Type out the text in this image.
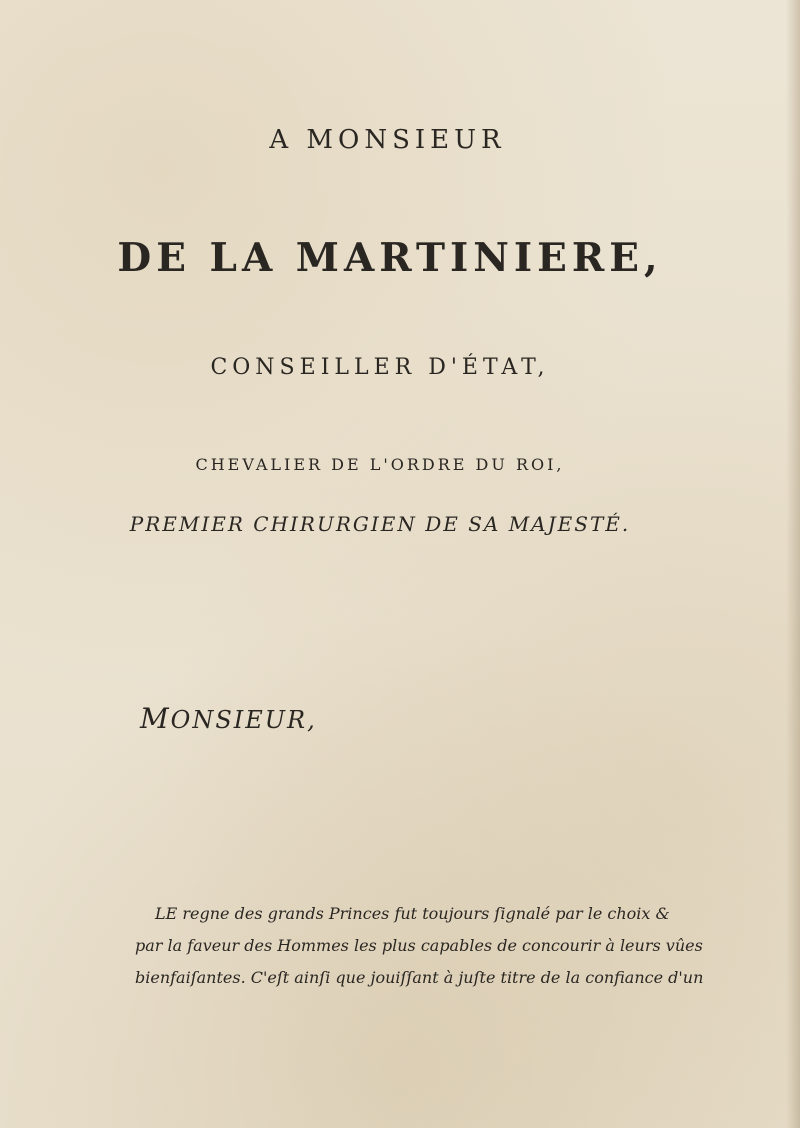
A MONSIEUR
DE LA MARTINIERE,
CONSEILLER D'ÉTAT,
CHEVALIER DE L'ORDRE DU ROI,
PREMIER CHIRURGIEN DE SA MAJESTÉ.
MONSIEUR,
LE regne des grands Princes fut toujours ſignalé par le choix &
par la faveur des Hommes les plus capables de concourir à leurs vûes
bienfaiſantes. C'eſt ainſi que jouiſſant à juſte titre de la confiance d'un
